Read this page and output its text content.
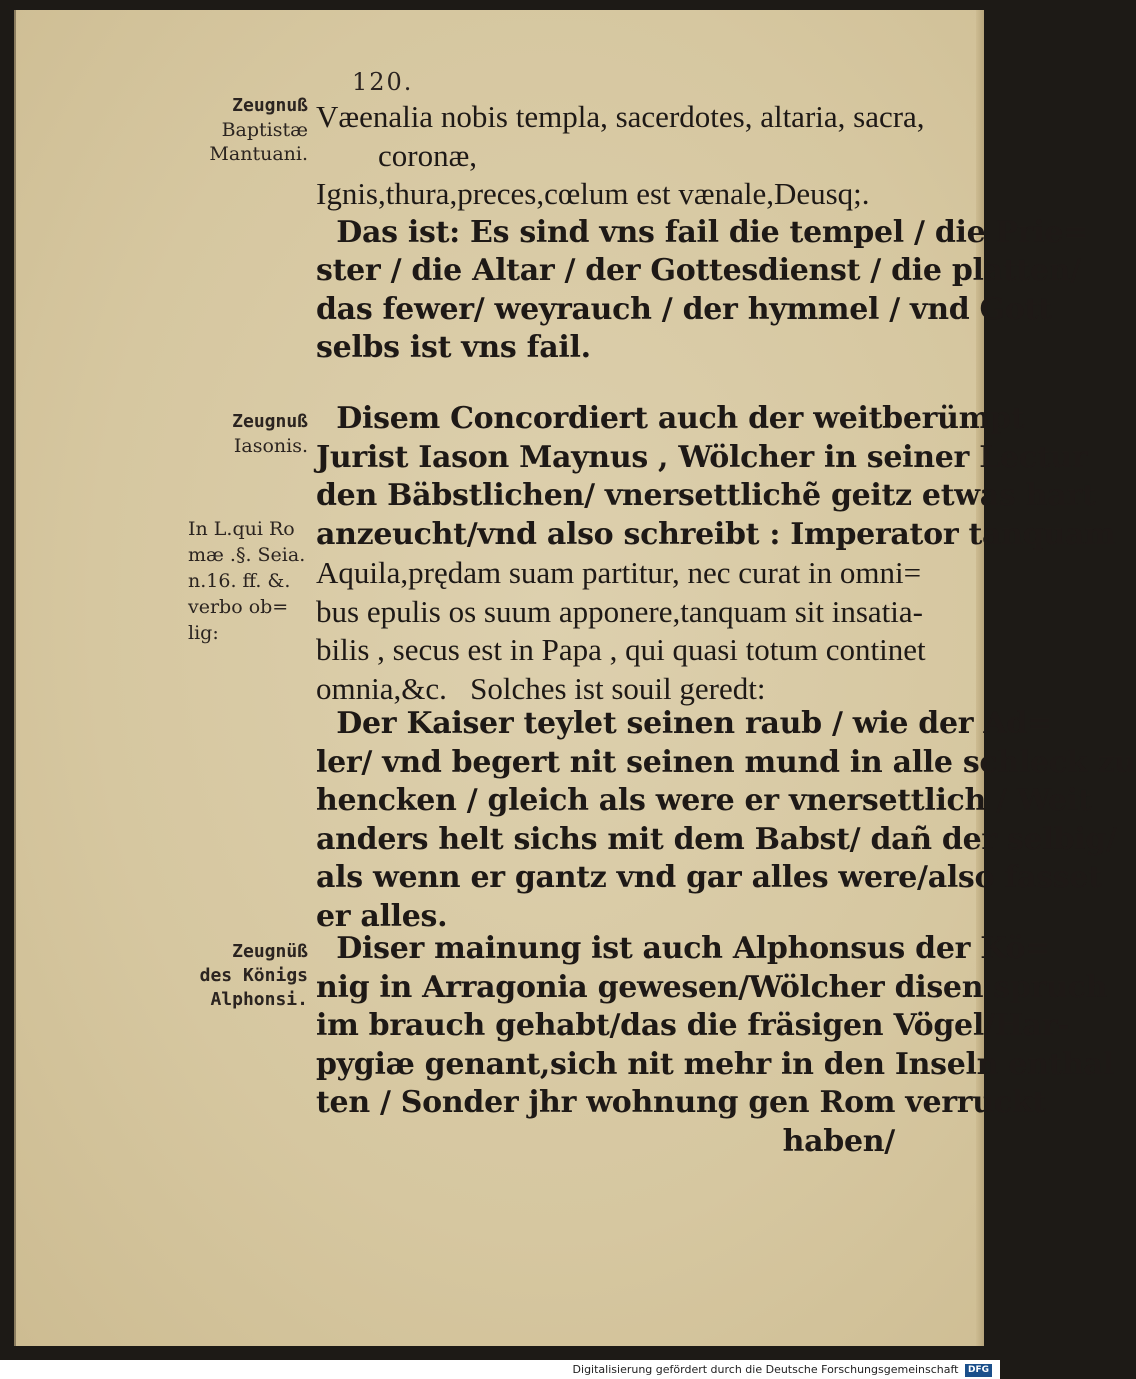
120.
Zeugnuß
Baptistæ
Mantuani.
Zeugnuß
Iasonis.
In L.qui Ro
mæ .§. Seia.
n.16. ff. &.
verbo ob=
lig:
Zeugnüß
des Königs
Alphonsi.
Væenalia nobis templa, sacerdotes, altaria, sacra,
coronæ,
Ignis,thura,preces,cœlum est vænale,Deusq;.
Das ist: Es sind vns fail die tempel / die Prie=
ster / die Altar / der Gottesdienst / die platten/
das fewer/ weyrauch / der hymmel / vnd Gott
selbs ist vns fail.
Disem Concordiert auch der weitberümpt
Jurist Iason Maynus , Wölcher in seiner Lectur
den Bäbstlichen/ vnersettlichẽ geitz etwas hart
anzeucht/vnd also schreibt : Imperator tanquam
Aquila,prędam suam partitur, nec curat in omni=
bus epulis os suum apponere,tanquam sit insatia-
bilis , secus est in Papa , qui quasi totum continet
omnia,&c.   Solches ist souil geredt:
Der Kaiser teylet seinen raub / wie der Ad=
ler/ vnd begert nit seinen mund in alle schleck zu
hencken / gleich als were er vnersettlich / Weit
anders helt sichs mit dem Babst/ dañ der selbig/
als wenn er gantz vnd gar alles were/also fasset
er alles.
Diser mainung ist auch Alphonsus der Kö=
nig in Arragonia gewesen/Wölcher disen spruch
im brauch gehabt/das die fräsigen Vögel/Har-
pygiæ genant,sich nit mehr in den Inseln enthal
ten / Sonder jhr wohnung gen Rom verruckt
haben/
Digitalisierung gefördert durch die Deutsche Forschungsgemeinschaft DFG
